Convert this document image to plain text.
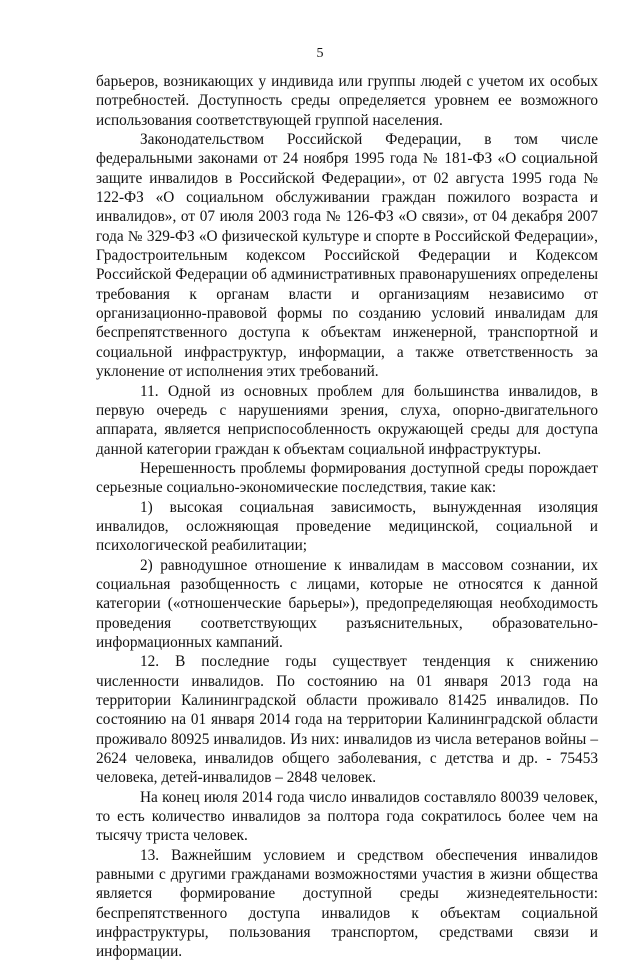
5

барьеров, возникающих у индивида или группы людей с учетом их особых потребностей. Доступность среды определяется уровнем ее возможного использования соответствующей группой населения.

Законодательством Российской Федерации, в том числе федеральными законами от 24 ноября 1995 года № 181-ФЗ «О социальной защите инвалидов в Российской Федерации», от 02 августа 1995 года № 122-ФЗ «О социальном обслуживании граждан пожилого возраста и инвалидов», от 07 июля 2003 года № 126-ФЗ «О связи», от 04 декабря 2007 года № 329-ФЗ «О физической культуре и спорте в Российской Федерации», Градостроительным кодексом Российской Федерации и Кодексом Российской Федерации об административных правонарушениях определены требования к органам власти и организациям независимо от организационно-правовой формы по созданию условий инвалидам для беспрепятственного доступа к объектам инженерной, транспортной и социальной инфраструктур, информации, а также ответственность за уклонение от исполнения этих требований.

11. Одной из основных проблем для большинства инвалидов, в первую очередь с нарушениями зрения, слуха, опорно-двигательного аппарата, является неприспособленность окружающей среды для доступа данной категории граждан к объектам социальной инфраструктуры.

Нерешенность проблемы формирования доступной среды порождает серьезные социально-экономические последствия, такие как:

1) высокая социальная зависимость, вынужденная изоляция инвалидов, осложняющая проведение медицинской, социальной и психологической реабилитации;

2) равнодушное отношение к инвалидам в массовом сознании, их социальная разобщенность с лицами, которые не относятся к данной категории («отношенческие барьеры»), предопределяющая необходимость проведения соответствующих разъяснительных, образовательно-информационных кампаний.

12. В последние годы существует тенденция к снижению численности инвалидов. По состоянию на 01 января 2013 года на территории Калининградской области проживало 81425 инвалидов. По состоянию на 01 января 2014 года на территории Калининградской области проживало 80925 инвалидов. Из них: инвалидов из числа ветеранов войны – 2624 человека, инвалидов общего заболевания, с детства и др. - 75453 человека, детей-инвалидов – 2848 человек.

На конец июля 2014 года число инвалидов составляло 80039 человек, то есть количество инвалидов за полтора года сократилось более чем на тысячу триста человек.

13. Важнейшим условием и средством обеспечения инвалидов равными с другими гражданами возможностями участия в жизни общества является формирование доступной среды жизнедеятельности: беспрепятственного доступа инвалидов к объектам социальной инфраструктуры, пользования транспортом, средствами связи и информации.
